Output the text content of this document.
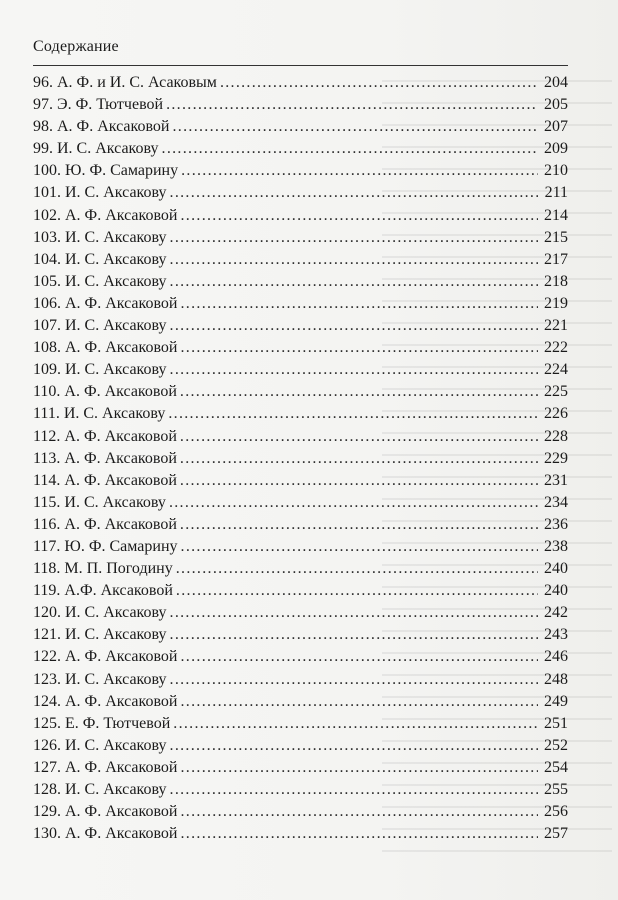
Содержание
96. А. Ф. и И. С. Асаковым .....	204
97. Э. Ф. Тютчевой .....	205
98. А. Ф. Аксаковой .....	207
99. И. С. Аксакову .....	209
100. Ю. Ф. Самарину .....	210
101. И. С. Аксакову .....	211
102. А. Ф. Аксаковой .....	214
103. И. С. Аксакову .....	215
104. И. С. Аксакову .....	217
105. И. С. Аксакову .....	218
106. А. Ф. Аксаковой .....	219
107. И. С. Аксакову .....	221
108. А. Ф. Аксаковой .....	222
109. И. С. Аксакову .....	224
110. А. Ф. Аксаковой .....	225
111. И. С. Аксакову .....	226
112. А. Ф. Аксаковой .....	228
113. А. Ф. Аксаковой .....	229
114. А. Ф. Аксаковой .....	231
115. И. С. Аксакову .....	234
116. А. Ф. Аксаковой .....	236
117. Ю. Ф. Самарину .....	238
118. М. П. Погодину .....	240
119. А.Ф. Аксаковой .....	240
120. И. С. Аксакову .....	242
121. И. С. Аксакову .....	243
122. А. Ф. Аксаковой .....	246
123. И. С. Аксакову .....	248
124. А. Ф. Аксаковой .....	249
125. Е. Ф. Тютчевой .....	251
126. И. С. Аксакову .....	252
127. А. Ф. Аксаковой .....	254
128. И. С. Аксакову .....	255
129. А. Ф. Аксаковой .....	256
130. А. Ф. Аксаковой .....	257
